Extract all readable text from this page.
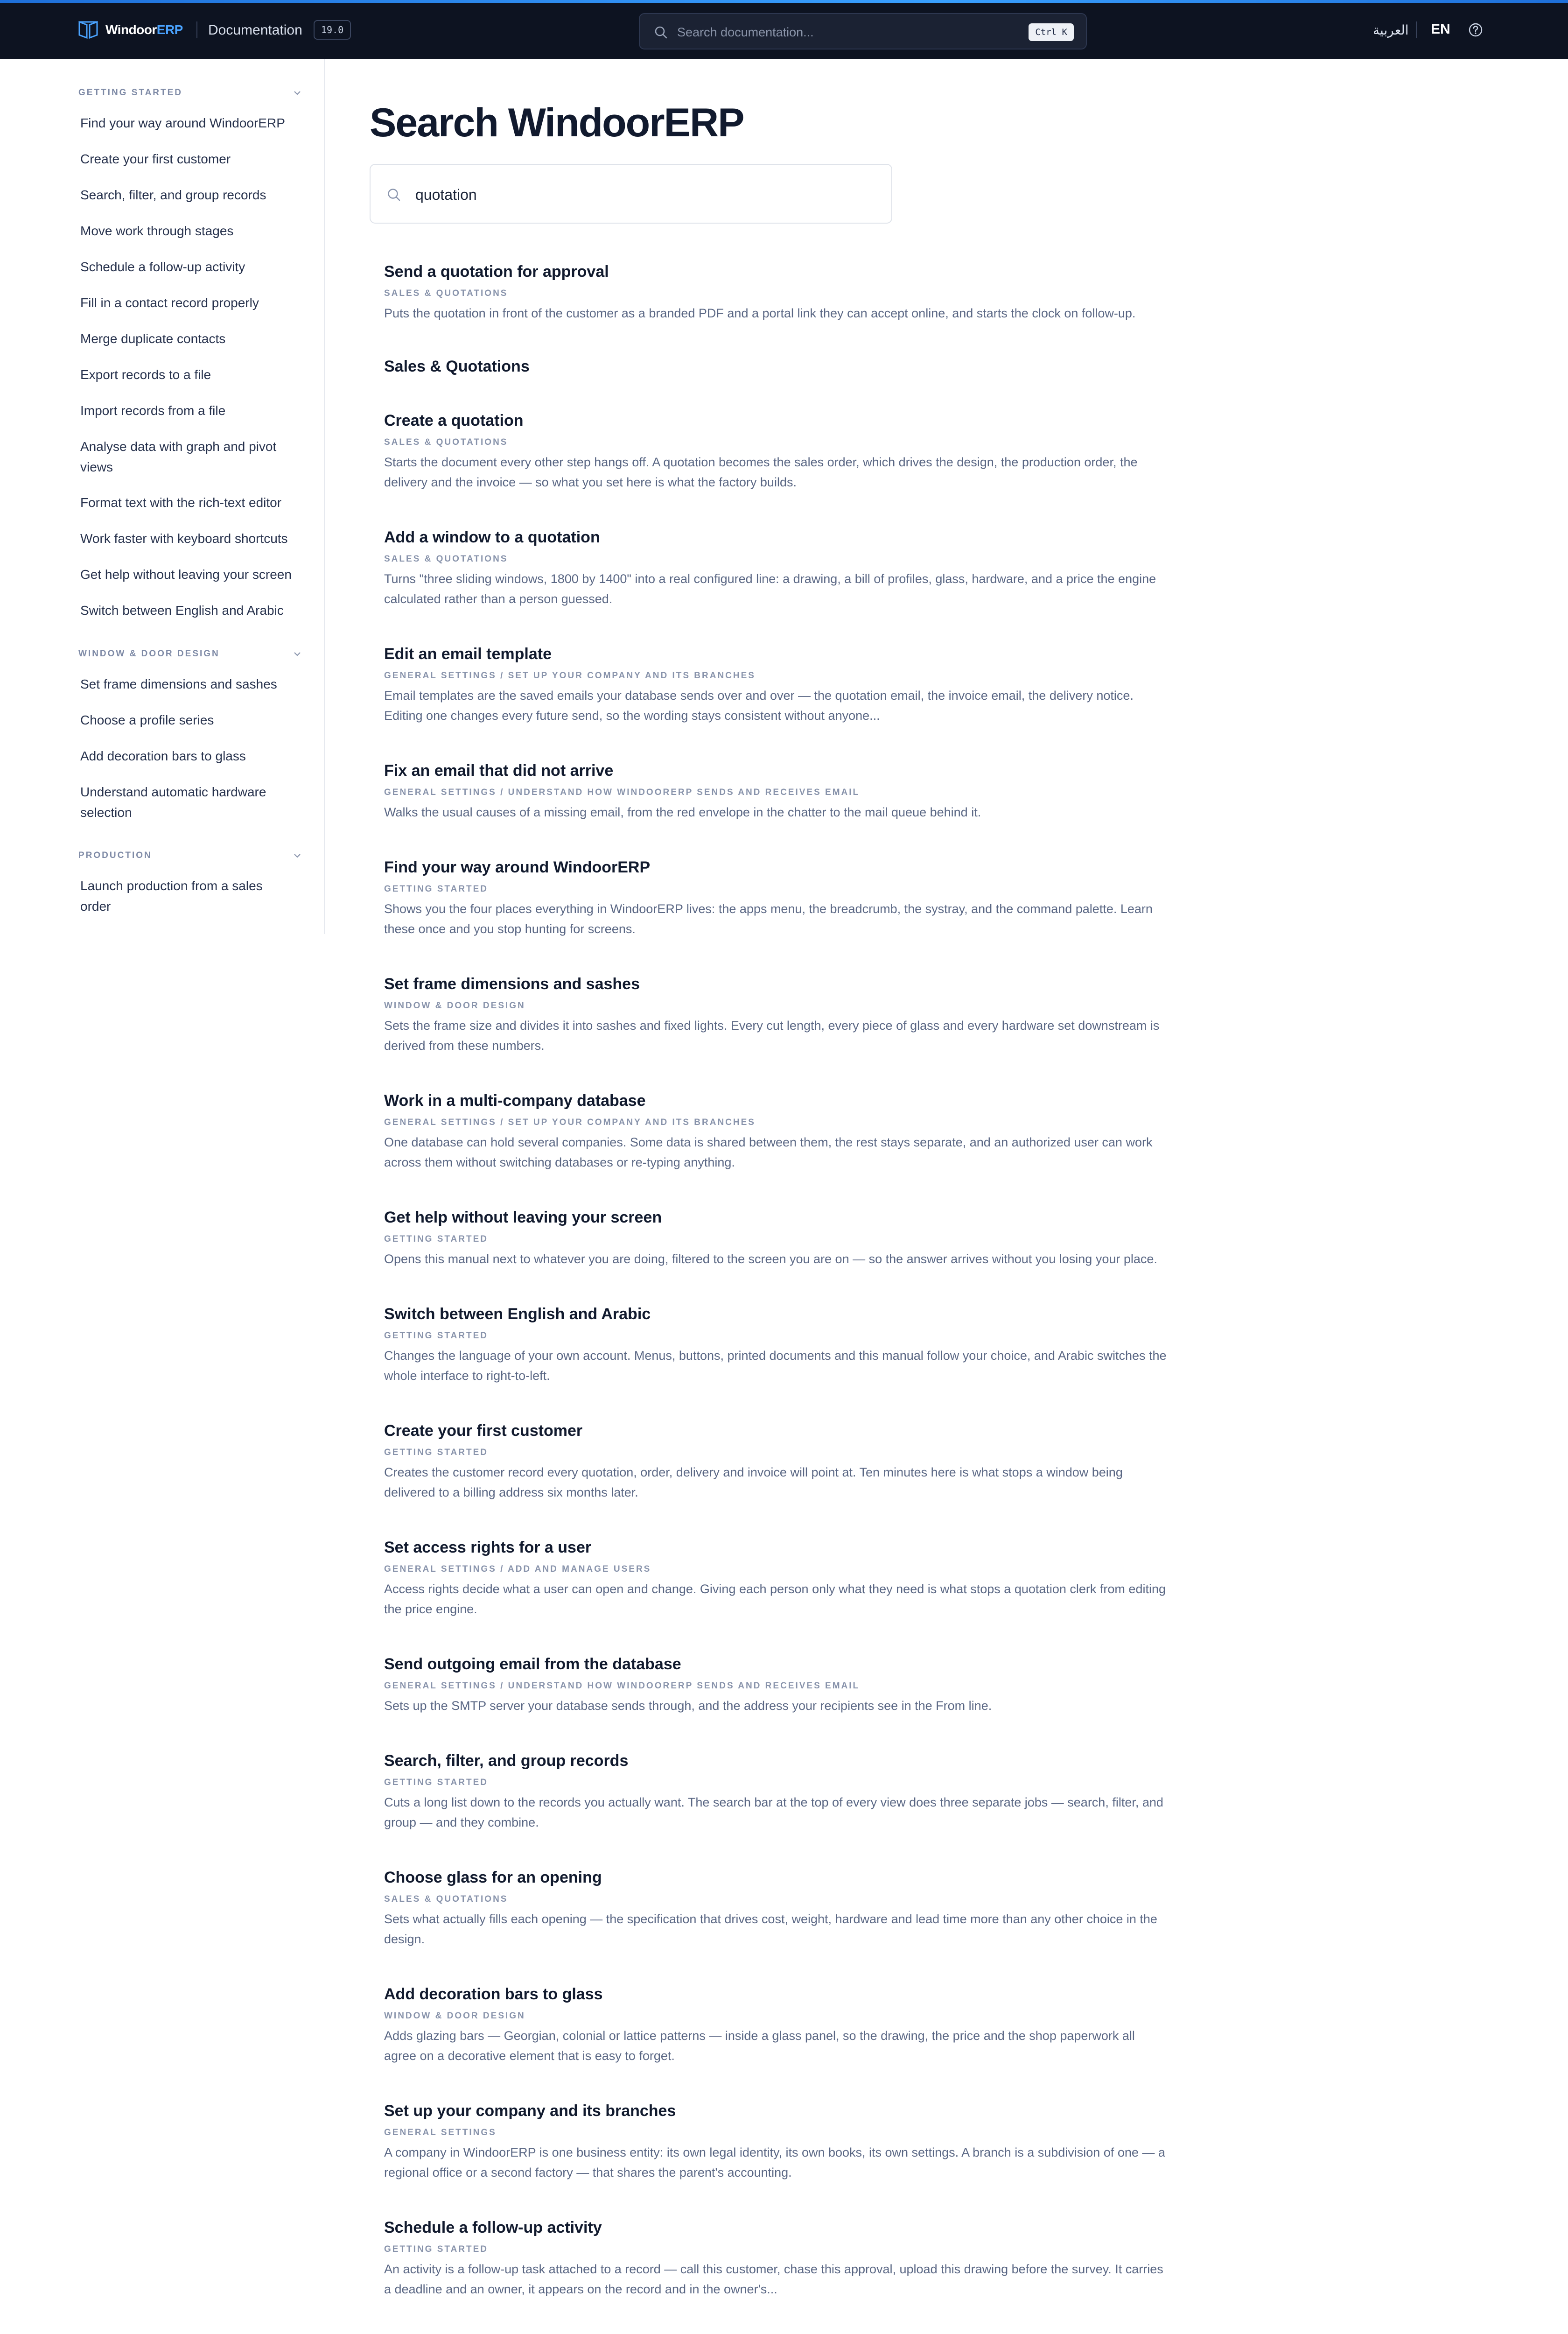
WindoorERP Documentation	19.0	Search documentation...	Ctrl K	العربية EN
GETTING STARTED
Find your way around WindoorERP
Create your first customer
Search, filter, and group records
Move work through stages
Schedule a follow-up activity
Fill in a contact record properly
Merge duplicate contacts
Export records to a file
Import records from a file
Analyse data with graph and pivot views
Format text with the rich-text editor
Work faster with keyboard shortcuts
Get help without leaving your screen
Switch between English and Arabic
WINDOW & DOOR DESIGN
Set frame dimensions and sashes
Choose a profile series
Add decoration bars to glass
Understand automatic hardware selection
PRODUCTION
Launch production from a sales order
Search WindoorERP
quotation
Send a quotation for approval
SALES & QUOTATIONS
Puts the quotation in front of the customer as a branded PDF and a portal link they can accept online, and starts the clock on follow-up.
Sales & Quotations
Create a quotation
SALES & QUOTATIONS
Starts the document every other step hangs off. A quotation becomes the sales order, which drives the design, the production order, the delivery and the invoice — so what you set here is what the factory builds.
Add a window to a quotation
SALES & QUOTATIONS
Turns "three sliding windows, 1800 by 1400" into a real configured line: a drawing, a bill of profiles, glass, hardware, and a price the engine calculated rather than a person guessed.
Edit an email template
GENERAL SETTINGS / SET UP YOUR COMPANY AND ITS BRANCHES
Email templates are the saved emails your database sends over and over — the quotation email, the invoice email, the delivery notice. Editing one changes every future send, so the wording stays consistent without anyone...
Fix an email that did not arrive
GENERAL SETTINGS / UNDERSTAND HOW WINDOORERP SENDS AND RECEIVES EMAIL
Walks the usual causes of a missing email, from the red envelope in the chatter to the mail queue behind it.
Find your way around WindoorERP
GETTING STARTED
Shows you the four places everything in WindoorERP lives: the apps menu, the breadcrumb, the systray, and the command palette. Learn these once and you stop hunting for screens.
Set frame dimensions and sashes
WINDOW & DOOR DESIGN
Sets the frame size and divides it into sashes and fixed lights. Every cut length, every piece of glass and every hardware set downstream is derived from these numbers.
Work in a multi-company database
GENERAL SETTINGS / SET UP YOUR COMPANY AND ITS BRANCHES
One database can hold several companies. Some data is shared between them, the rest stays separate, and an authorized user can work across them without switching databases or re-typing anything.
Get help without leaving your screen
GETTING STARTED
Opens this manual next to whatever you are doing, filtered to the screen you are on — so the answer arrives without you losing your place.
Switch between English and Arabic
GETTING STARTED
Changes the language of your own account. Menus, buttons, printed documents and this manual follow your choice, and Arabic switches the whole interface to right-to-left.
Create your first customer
GETTING STARTED
Creates the customer record every quotation, order, delivery and invoice will point at. Ten minutes here is what stops a window being delivered to a billing address six months later.
Set access rights for a user
GENERAL SETTINGS / ADD AND MANAGE USERS
Access rights decide what a user can open and change. Giving each person only what they need is what stops a quotation clerk from editing the price engine.
Send outgoing email from the database
GENERAL SETTINGS / UNDERSTAND HOW WINDOORERP SENDS AND RECEIVES EMAIL
Sets up the SMTP server your database sends through, and the address your recipients see in the From line.
Search, filter, and group records
GETTING STARTED
Cuts a long list down to the records you actually want. The search bar at the top of every view does three separate jobs — search, filter, and group — and they combine.
Choose glass for an opening
SALES & QUOTATIONS
Sets what actually fills each opening — the specification that drives cost, weight, hardware and lead time more than any other choice in the design.
Add decoration bars to glass
WINDOW & DOOR DESIGN
Adds glazing bars — Georgian, colonial or lattice patterns — inside a glass panel, so the drawing, the price and the shop paperwork all agree on a decorative element that is easy to forget.
Set up your company and its branches
GENERAL SETTINGS
A company in WindoorERP is one business entity: its own legal identity, its own books, its own settings. A branch is a subdivision of one — a regional office or a second factory — that shares the parent's accounting.
Schedule a follow-up activity
GETTING STARTED
An activity is a follow-up task attached to a record — call this customer, chase this approval, upload this drawing before the survey. It carries a deadline and an owner, it appears on the record and in the owner's...
